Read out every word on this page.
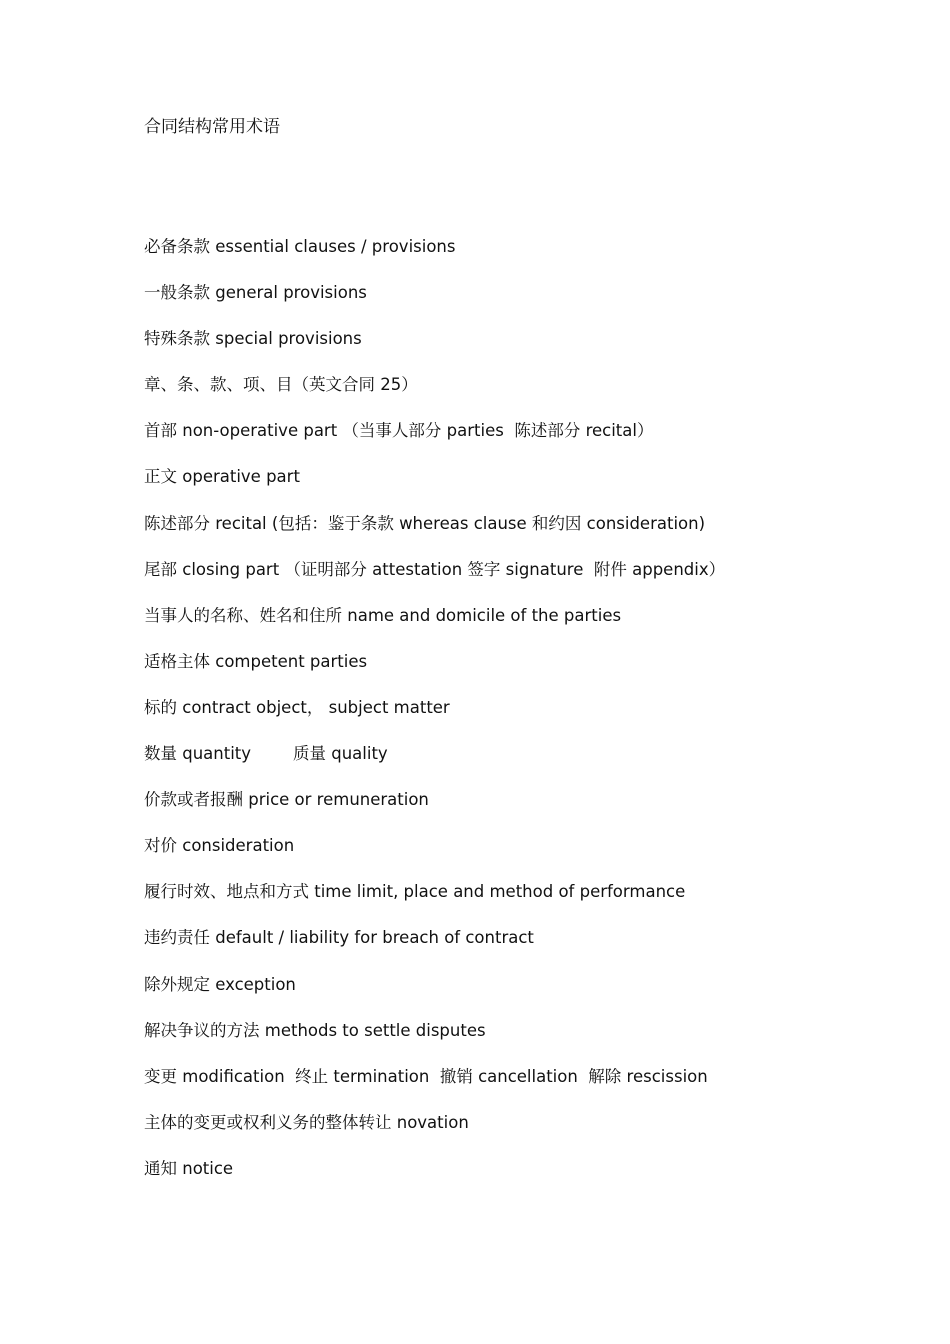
合同结构常用术语
必备条款 essential clauses / provisions
一般条款 general provisions
特殊条款 special provisions
章、条、款、项、目（英文合同 25）
首部 non-operative part （当事人部分 parties  陈述部分 recital）
正文 operative part
陈述部分 recital (包括：鉴于条款 whereas clause 和约因 consideration)
尾部 closing part （证明部分 attestation 签字 signature  附件 appendix）
当事人的名称、姓名和住所 name and domicile of the parties
适格主体 competent parties
标的 contract object， subject matter
数量 quantity        质量 quality
价款或者报酬 price or remuneration
对价 consideration
履行时效、地点和方式 time limit, place and method of performance
违约责任 default / liability for breach of contract
除外规定 exception
解决争议的方法 methods to settle disputes
变更 modification  终止 termination  撤销 cancellation  解除 rescission
主体的变更或权利义务的整体转让 novation
通知 notice
